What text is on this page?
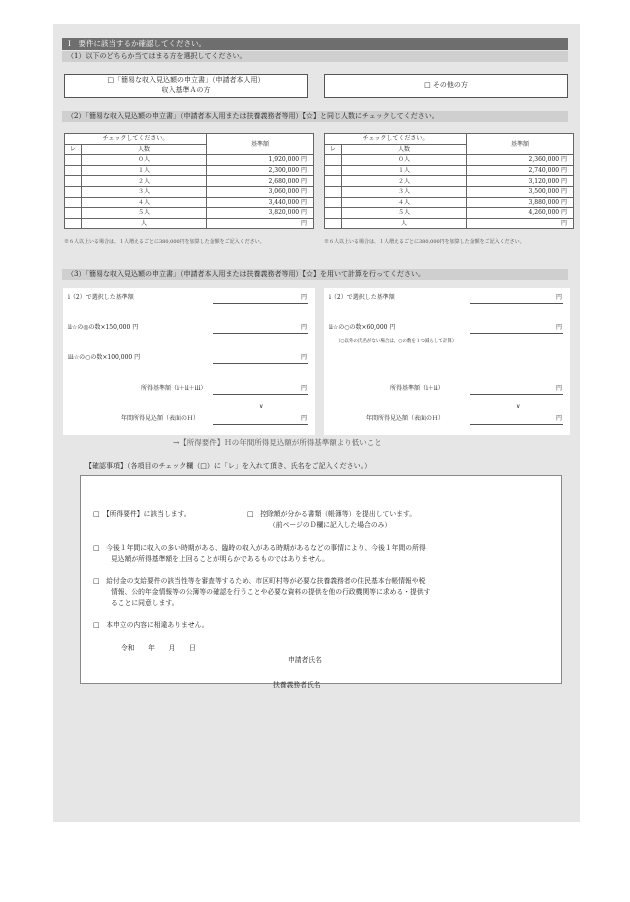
Ⅰ　要件に該当するか確認してください。
（1）以下のどちらか当てはまる方を選択してください。
□「簡易な収入見込額の申立書」（申請者本人用）
収入基準Ａの方
□ その他の方
（2）「簡易な収入見込額の申立書」（申請者本人用または扶養義務者等用）【☆】と同じ人数にチェックしてください。
チェックしてください。		基準額
レ	人数	
	０人	1,920,000 円
	１人	2,300,000 円
	２人	2,680,000 円
	３人	3,060,000 円
	４人	3,440,000 円
	５人	3,820,000 円
	人	円
※６人以上いる場合は、１人増えるごとに380,000円を加算した金額をご記入ください。
チェックしてください。		基準額
レ	人数	
	０人	2,360,000 円
	１人	2,740,000 円
	２人	3,120,000 円
	３人	3,500,000 円
	４人	3,880,000 円
	５人	4,260,000 円
	人	円
※６人以上いる場合は、１人増えるごとに380,000円を加算した金額をご記入ください。
（3）「簡易な収入見込額の申立書」（申請者本人用または扶養義務者等用）【☆】を用いて計算を行ってください。
ⅰ（2）で選択した基準額	円
ⅱ☆の◎の数×150,000 円	円
ⅲ☆の○の数×100,000 円	円
所得基準額（ⅰ＋ⅱ＋ⅲ）	円
∨
年間所得見込額（表面のＨ）	円
ⅰ（2）で選択した基準額	円
ⅱ☆の○の数×60,000 円	円
（○以外の氏名がない場合は、○の数を１つ減らして計算）
所得基準額（ⅰ＋ⅱ）	円
∨
年間所得見込額（表面のＨ）	円
→【所得要件】Ｈの年間所得見込額が所得基準額より低いこと
【確認事項】（各項目のチェック欄（□）に「レ」を入れて頂き、氏名をご記入ください。）
□　【所得要件】に該当します。	□　控除額が分かる書類（帳簿等）を提出しています。
（前ページのＤ欄に記入した場合のみ）
□　今後１年間に収入の多い時期がある、臨時の収入がある時期があるなどの事情により、今後１年間の所得
見込額が所得基準額を上回ることが明らかであるものではありません。
□　給付金の支給要件の該当性等を審査等するため、市区町村等が必要な扶養義務者の住民基本台帳情報や税
情報、公的年金情報等の公簿等の確認を行うことや必要な資料の提供を他の行政機関等に求める・提供す
ることに同意します。
□　本申立の内容に相違ありません。
令和　　年　　月　　日
申請者氏名
扶養義務者氏名
